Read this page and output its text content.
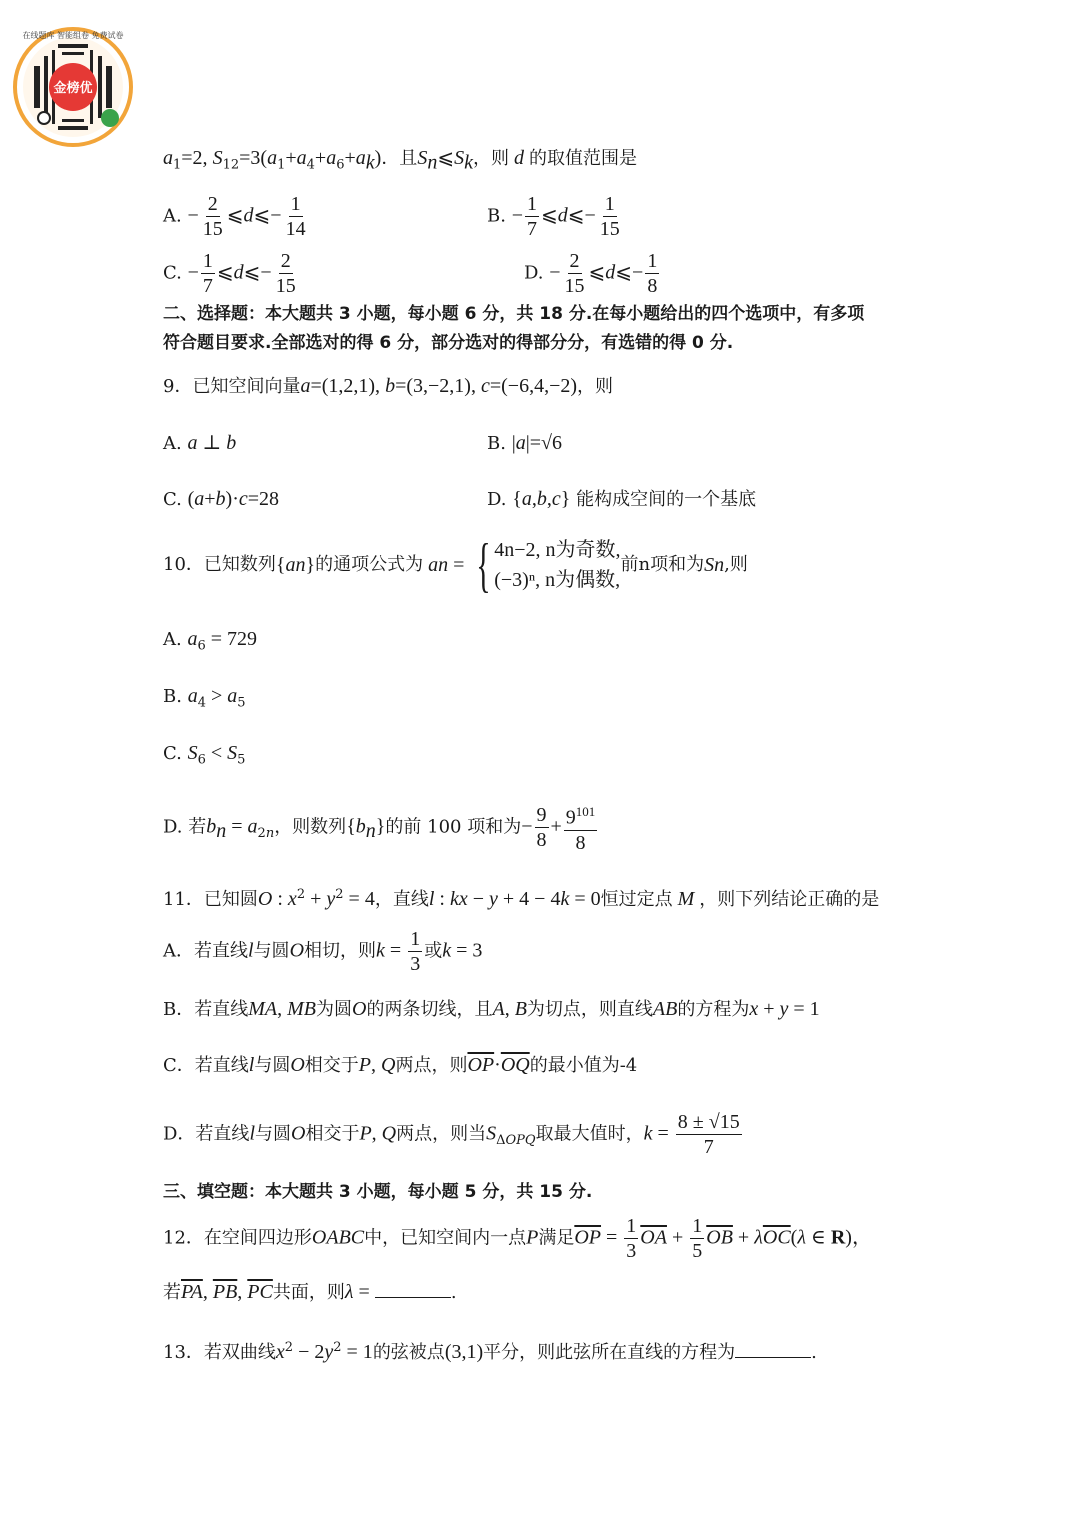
金榜优
在线题库 智能组卷 免费试卷
$a_1=2$, $S_{12}=3(a_1+a_4+a_6+a_k)$．且$S_n⩽S_k$，则 d 的取值范围是
A. − $\frac{2}{15}$ ⩽d⩽− $\frac{1}{14}$	B. − $\frac{1}{7}$ ⩽d⩽− $\frac{1}{15}$
C. − $\frac{1}{7}$ ⩽d⩽− $\frac{2}{15}$	D. − $\frac{2}{15}$ ⩽d⩽− $\frac{1}{8}$
二、选择题：本大题共 3 小题，每小题 6 分，共 18 分.在每小题给出的四个选项中，有多项
符合题目要求.全部选对的得 6 分，部分选对的得部分分，有选错的得 0 分.
9．已知空间向量a=(1,2,1), b=(3,−2,1), c=(−6,4,−2)，则
A. a ⊥ b	B. |a|=√6
C. (a+b)·c=28	D. {a,b,c} 能构成空间的一个基底
10．已知数列 { a n } 的通项公式为 a n = { 4n−2, n为奇数,
(−3)ⁿ, n为偶数,
前n项和为 S n ,则
A. $a_6 = 729$
B. $a_4 > a_5$
C. $S_6 < S_5$
D. 若$b_n = a_{2n}$，则数列$\{b_n\}$的前 100 项和为− $\frac{9}{8} + \frac{9^{101}}{8}$
11．已知圆O : $x^2 + y^2 = 4$，直线l : kx − y + 4 − 4k = 0恒过定点 M ，则下列结论正确的是
A．若直线l与圆O相切，则$k = \frac{1}{3}$ 或k = 3
B．若直线MA, MB为圆O的两条切线，且A, B为切点，则直线AB的方程为x + y = 1
C．若直线l与圆O相交于P, Q两点，则$\overline{OP}\cdot\overline{OQ}$的最小值为-4
D．若直线l与圆O相交于P, Q两点，则当$S_{\Delta OPQ}$取最大值时，$k = \frac{8 \pm √15}{7}$
三、填空题：本大题共 3 小题，每小题 5 分，共 15 分.
12．在空间四边形OABC中，已知空间内一点P满足$\overline{OP} = \frac{1}{3} \overline{OA} + \frac{1}{5} \overline{OB} + \lambda\overline{OC}(\lambda$ ∈ R)，
若$\overline{PA}$, $\overline{PB}$, $\overline{PC}$共面，则λ =	.
13．若双曲线$x^2 - 2y^2 = 1$的弦被点(3,1)平分，则此弦所在直线的方程为	.
